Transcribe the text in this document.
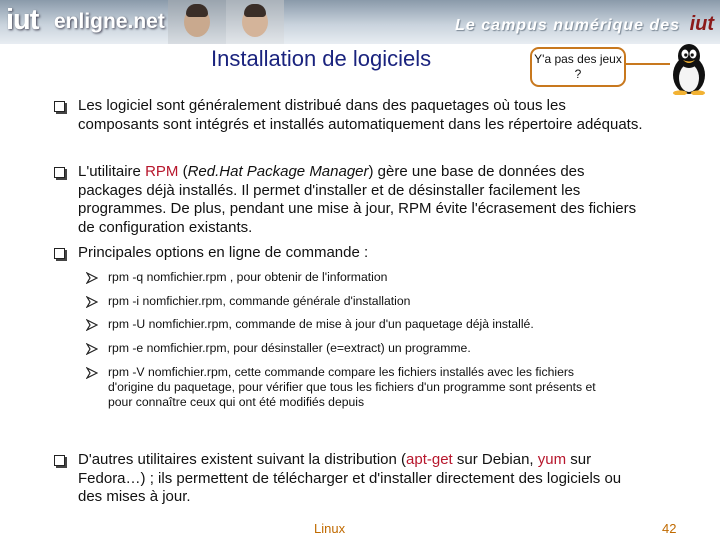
iut enligne.net	Le campus numérique des iut
Installation de logiciels	Y'a pas des jeux ?
Les logiciel sont généralement distribué dans des paquetages où tous les
composants sont intégrés et installés automatiquement dans les répertoire adéquats.
L'utilitaire RPM (Red.Hat Package Manager) gère une base de données des
packages déjà installés. Il permet d'installer et de désinstaller facilement les
programmes. De plus, pendant une mise à jour, RPM évite l'écrasement des fichiers
de configuration existants.
Principales options en ligne de commande :
rpm -q nomfichier.rpm , pour obtenir de l'information
rpm -i nomfichier.rpm, commande générale d'installation
rpm -U nomfichier.rpm, commande de mise à jour d'un paquetage déjà installé.
rpm -e nomfichier.rpm, pour désinstaller (e=extract) un programme.
rpm -V nomfichier.rpm, cette commande compare les fichiers installés avec les fichiers
d'origine du paquetage, pour vérifier que tous les fichiers d'un programme sont présents et
pour connaître ceux qui ont été modifiés depuis
D'autres utilitaires existent suivant la distribution (apt-get sur Debian, yum sur
Fedora…) ; ils permettent de télécharger et d'installer directement des logiciels ou
des mises à jour.
Linux	42
